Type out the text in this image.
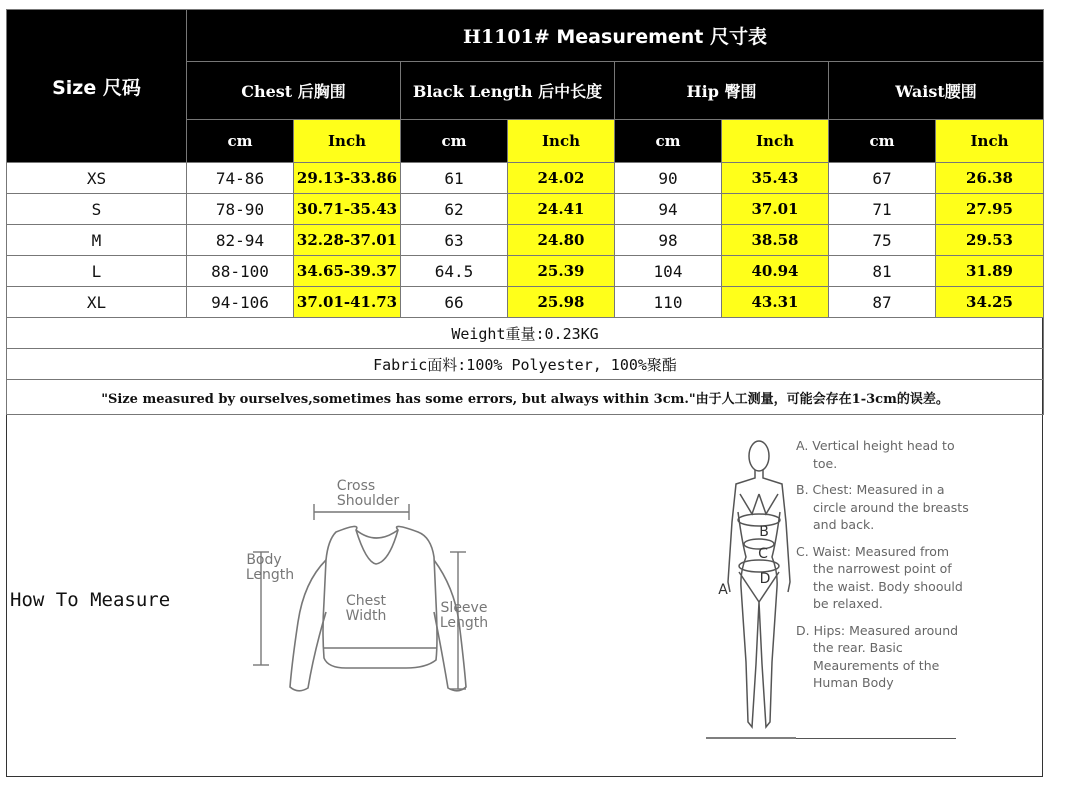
Size 尺码	H1101# Measurement 尺寸表							
	Chest 后胸围		Black Length 后中长度		Hip 臀围		Waist腰围	
	cm	Inch	cm	Inch	cm	Inch	cm	Inch
XS	74-86	29.13-33.86	61	24.02	90	35.43	67	26.38
S	78-90	30.71-35.43	62	24.41	94	37.01	71	27.95
M	82-94	32.28-37.01	63	24.80	98	38.58	75	29.53
L	88-100	34.65-39.37	64.5	25.39	104	40.94	81	31.89
XL	94-106	37.01-41.73	66	25.98	110	43.31	87	34.25
Weight重量:0.23KG								
Fabric面料:100% Polyester, 100%聚酯								
"Size measured by ourselves,sometimes has some errors, but always within 3cm."由于人工测量，可能会存在1-3cm的误差。								
How To Measure
Cross
Shoulder
Body
Length
Chest
Width	Sleeve
Length
A
B
C
D

A. Vertical height head to toe.

B. Chest: Measured in a circle around the breasts and back.

C. Waist: Measured from the narrowest point of the waist. Body shoould be relaxed.

D. Hips: Measured around the rear. Basic Meaurements of the Human Body
